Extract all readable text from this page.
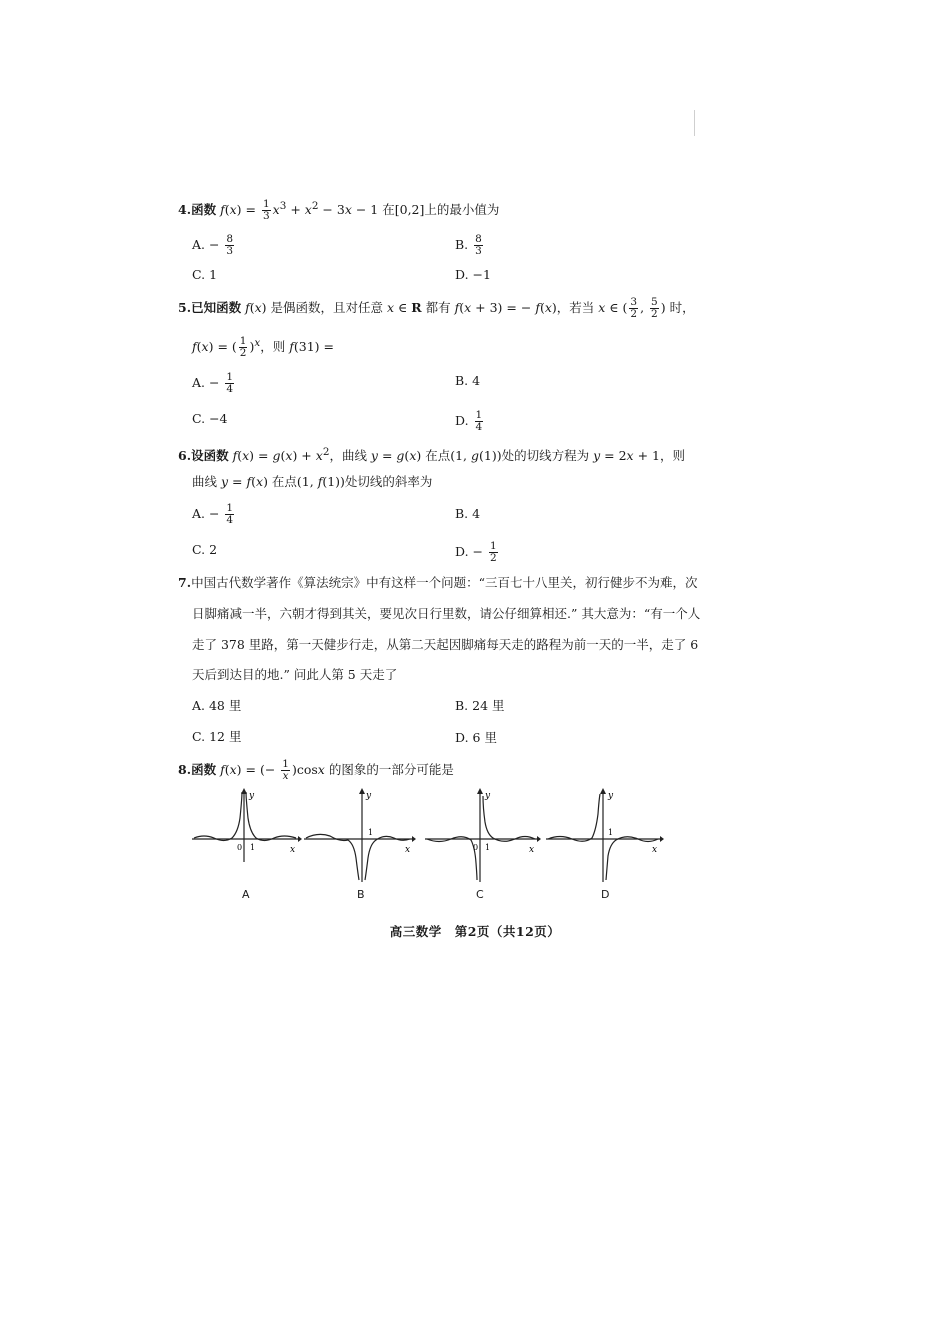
4.函数 $f(x) = \frac{1}{3} x^3 + x^2 - 3x - 1$ 在[0,2]上的最小值为
A. − $\frac{8}{3}$	B. $\frac{8}{3}$
C. 1	D. −1
5.已知函数 f(x) 是偶函数，且对任意 x ∈ R 都有 f(x + 3) = − f(x)，若当 x ∈ ( $\frac{3}{2}$ , $\frac{5}{2}$ ) 时，
f(x) = ( $\frac{1}{2} )^x$，则 f(31) =
A. − $\frac{1}{4}$	B. 4
C. −4	D. $\frac{1}{4}$
6.设函数 $f(x) = g(x) + x^2$，曲线 y = g(x) 在点(1, g(1))处的切线方程为 y = 2x + 1，则
曲线 y = f(x) 在点(1, f(1))处切线的斜率为
A. − $\frac{1}{4}$	B. 4
C. 2	D. − $\frac{1}{2}$
7.中国古代数学著作《算法统宗》中有这样一个问题：“三百七十八里关，初行健步不为难，次
日脚痛减一半，六朝才得到其关，要见次日行里数，请公仔细算相还.” 其大意为：“有一个人
走了 378 里路，第一天健步行走，从第二天起因脚痛每天走的路程为前一天的一半，走了 6
天后到达目的地.” 问此人第 5 天走了
A. 48 里	B. 24 里
C. 12 里	D. 6 里
8.函数 f(x) = (− $\frac{1}{x} )\cos x$ 的图象的一部分可能是
y
x
0 1
A
y
x
1
B
y
x
0 1
C
y
x
1
D
高三数学　第2页（共12页）
